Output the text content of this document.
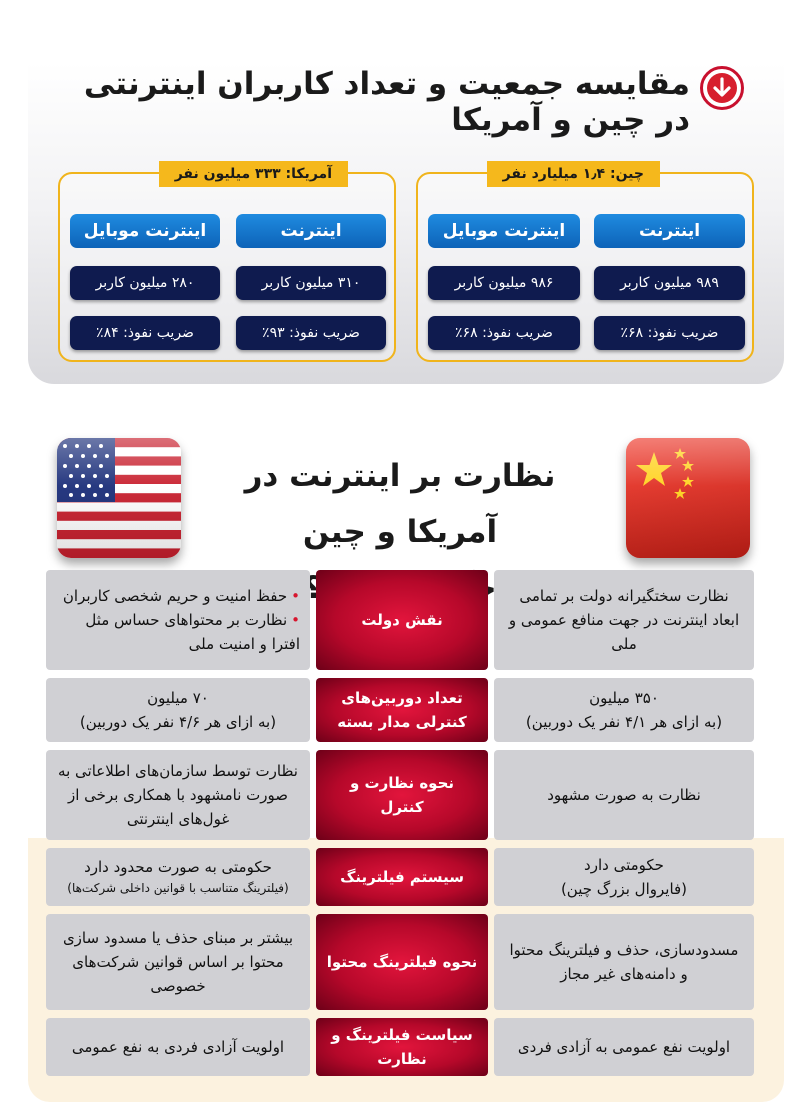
مقایسه جمعیت و تعداد کاربران اینترنتی در چین و آمریکا
چین: ۱٫۴ میلیارد نفر
اینترنت
اینترنت موبایل
۹۸۹ میلیون کاربر
۹۸۶ میلیون کاربر
ضریب نفوذ: ۶۸٪
ضریب نفوذ: ۶۸٪
آمریکا: ۳۳۳ میلیون نفر
اینترنت
اینترنت موبایل
۳۱۰ میلیون کاربر
۲۸۰ میلیون کاربر
ضریب نفوذ: ۹۳٪
ضریب نفوذ: ۸۴٪
نظارت بر اینترنت در آمریکا و چین
نظارت سختگیرانه دولت بر تمامی ابعاد اینترنت در جهت منافع عمومی و ملی
نقش دولت
• حفظ امنیت و حریم شخصی کاربران
• نظارت بر محتواهای حساس مثل افترا و امنیت ملی
۳۵۰ میلیون
(به ازای هر ۴/۱ نفر یک دوربین)
تعداد دوربین‌های کنترلی مدار بسته
۷۰ میلیون
(به ازای هر ۴/۶ نفر یک دوربین)
نظارت به صورت مشهود
نحوه نظارت و کنترل
نظارت توسط سازمان‌های اطلاعاتی به صورت نامشهود با همکاری برخی از غول‌های اینترنتی
حکومتی دارد
(فایروال بزرگ چین)
سیستم فیلترینگ
حکومتی به صورت محدود دارد
(فیلترینگ متناسب با قوانین داخلی شرکت‌ها)
مسدودسازی، حذف و فیلترینگ محتوا و دامنه‌های غیر مجاز
نحوه فیلترینگ محتوا
بیشتر بر مبنای حذف یا مسدود سازی محتوا بر اساس قوانین شرکت‌های خصوصی
اولویت نفع عمومی به آزادی فردی
سیاست فیلترینگ و نظارت
اولویت آزادی فردی به نفع عمومی
